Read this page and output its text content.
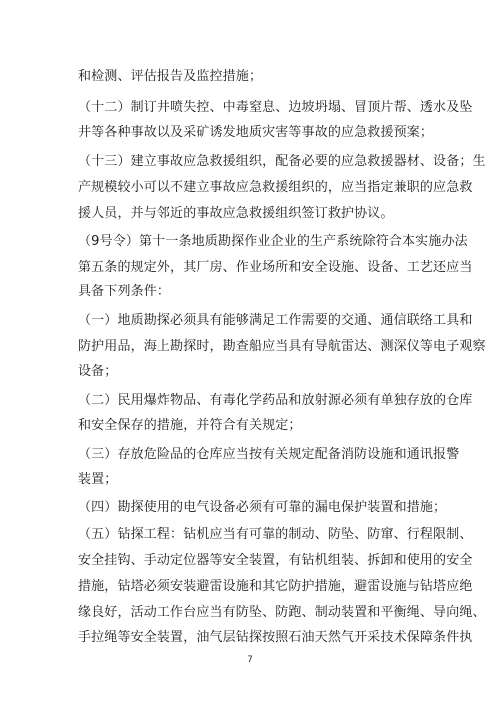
和检测、评估报告及监控措施；
（十二）制订井喷失控、中毒窒息、边坡坍塌、冒顶片帮、透水及坠
井等各种事故以及采矿诱发地质灾害等事故的应急救援预案；
（十三）建立事故应急救援组织，配备必要的应急救援器材、设备；生
产规模较小可以不建立事故应急救援组织的，应当指定兼职的应急救
援人员，并与邻近的事故应急救援组织签订救护协议。
（9号令）第十一条地质勘探作业企业的生产系统除符合本实施办法
第五条的规定外，其厂房、作业场所和安全设施、设备、工艺还应当
具备下列条件：
（一）地质勘探必须具有能够满足工作需要的交通、通信联络工具和
防护用品，海上勘探时，勘查船应当具有导航雷达、测深仪等电子观察
设备；
（二）民用爆炸物品、有毒化学药品和放射源必须有单独存放的仓库
和安全保存的措施，并符合有关规定；
（三）存放危险品的仓库应当按有关规定配备消防设施和通讯报警
装置；
（四）勘探使用的电气设备必须有可靠的漏电保护装置和措施；
（五）钻探工程：钻机应当有可靠的制动、防坠、防窜、行程限制、
安全挂钩、手动定位器等安全装置，有钻机组装、拆卸和使用的安全
措施，钻塔必须安装避雷设施和其它防护措施，避雷设施与钻塔应绝
缘良好，活动工作台应当有防坠、防跑、制动装置和平衡绳、导向绳、
手拉绳等安全装置，油气层钻探按照石油天然气开采技术保障条件执
7
